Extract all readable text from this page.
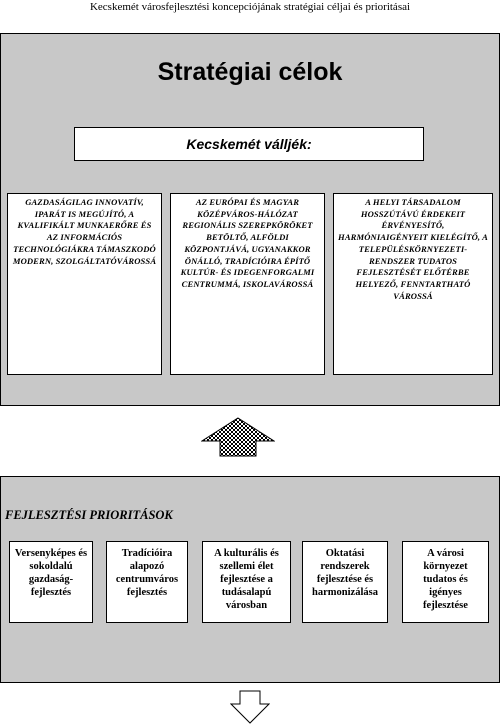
Kecskemét városfejlesztési koncepciójának stratégiai céljai és prioritásai
Stratégiai célok
Kecskemét válljék:
GAZDASÁGILAG INNOVATÍV, IPARÁT IS MEGÚJÍTÓ, A KVALIFIKÁLT MUNKAERŐRE ÉS AZ INFORMÁCIÓS TECHNOLÓGIÁKRA TÁMASZKODÓ MODERN, SZOLGÁLTATÓVÁROSSÁ
AZ EURÓPAI ÉS MAGYAR KÖZÉPVÁROS-HÁLÓZAT REGIONÁLIS SZEREPKÖRÖKET BETÖLTŐ, ALFÖLDI KÖZPONTJÁVÁ, UGYANAKKOR ÖNÁLLÓ, TRADÍCIÓIRA ÉPÍTŐ KULTÚR- ÉS IDEGENFORGALMI CENTRUMMÁ, ISKOLAVÁROSSÁ
A HELYI TÁRSADALOM HOSSZÚTÁVÚ ÉRDEKEIT ÉRVÉNYESÍTŐ, HARMÓNIAIGÉNYEIT KIELÉGÍTŐ, A TELEPÜLÉSKÖRNYEZETI-RENDSZER TUDATOS FEJLESZTÉSÉT ELŐTÉRBE HELYEZŐ, FENNTARTHATÓ VÁROSSÁ
FEJLESZTÉSI PRIORITÁSOK
Versenyképes és sokoldalú gazdaság-fejlesztés
Tradícióira alapozó centrumváros fejlesztés
A kulturális és szellemi élet fejlesztése a tudásalapú városban
Oktatási rendszerek fejlesztése és harmonizálása
A városi környezet tudatos és igényes fejlesztése
